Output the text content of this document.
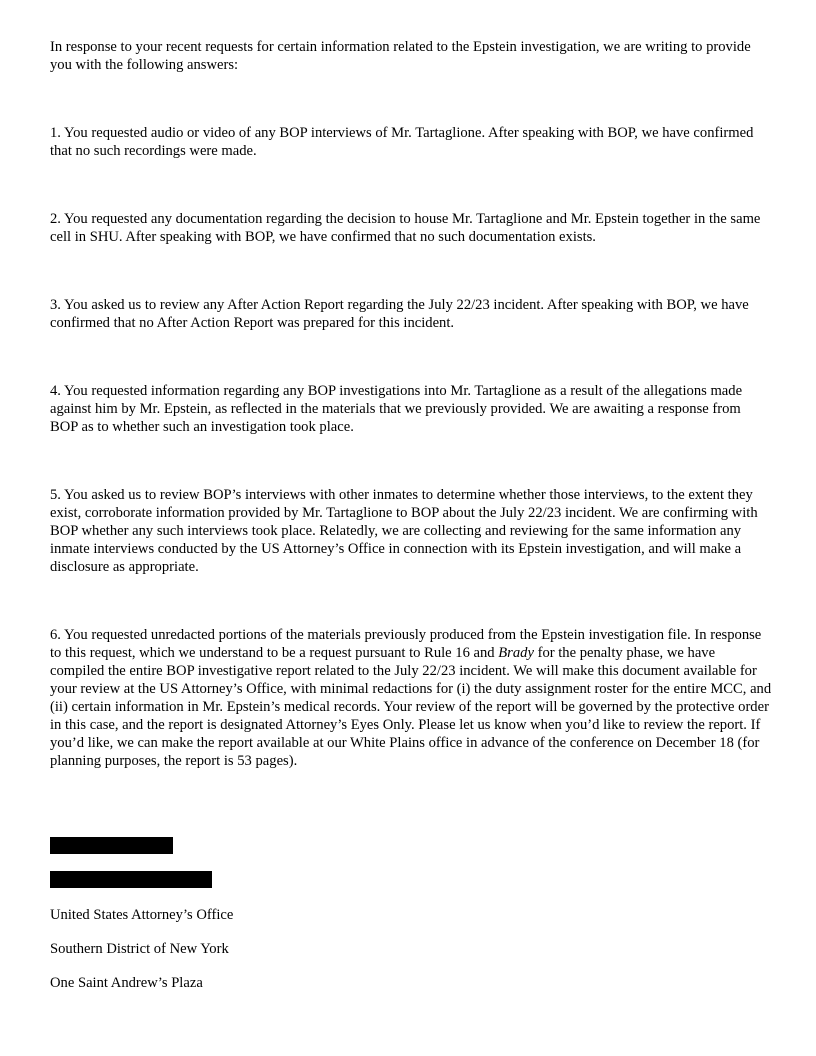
In response to your recent requests for certain information related to the Epstein investigation, we are writing to provide you with the following answers:

1. You requested audio or video of any BOP interviews of Mr. Tartaglione. After speaking with BOP, we have confirmed that no such recordings were made.

2. You requested any documentation regarding the decision to house Mr. Tartaglione and Mr. Epstein together in the same cell in SHU. After speaking with BOP, we have confirmed that no such documentation exists.

3. You asked us to review any After Action Report regarding the July 22/23 incident. After speaking with BOP, we have confirmed that no After Action Report was prepared for this incident.

4. You requested information regarding any BOP investigations into Mr. Tartaglione as a result of the allegations made against him by Mr. Epstein, as reflected in the materials that we previously provided. We are awaiting a response from BOP as to whether such an investigation took place.

5. You asked us to review BOP’s interviews with other inmates to determine whether those interviews, to the extent they exist, corroborate information provided by Mr. Tartaglione to BOP about the July 22/23 incident. We are confirming with BOP whether any such interviews took place. Relatedly, we are collecting and reviewing for the same information any inmate interviews conducted by the US Attorney’s Office in connection with its Epstein investigation, and will make a disclosure as appropriate.

6. You requested unredacted portions of the materials previously produced from the Epstein investigation file. In response to this request, which we understand to be a request pursuant to Rule 16 and Brady for the penalty phase, we have compiled the entire BOP investigative report related to the July 22/23 incident. We will make this document available for your review at the US Attorney’s Office, with minimal redactions for (i) the duty assignment roster for the entire MCC, and (ii) certain information in Mr. Epstein’s medical records. Your review of the report will be governed by the protective order in this case, and the report is designated Attorney’s Eyes Only. Please let us know when you’d like to review the report. If you’d like, we can make the report available at our White Plains office in advance of the conference on December 18 (for planning purposes, the report is 53 pages).

United States Attorney’s Office

Southern District of New York

One Saint Andrew’s Plaza
